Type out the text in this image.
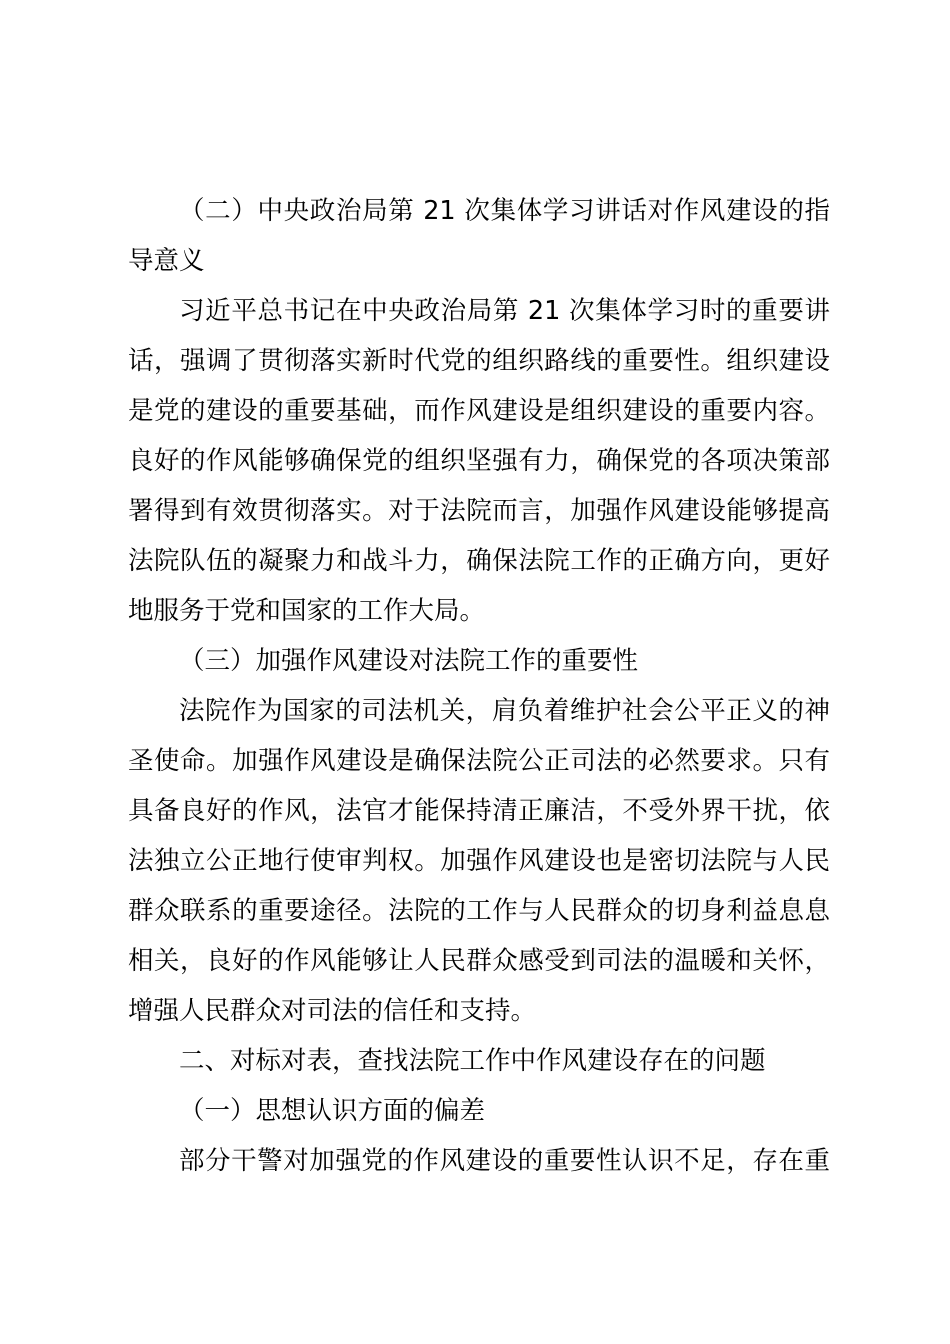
（二）中央政治局第 21 次集体学习讲话对作风建设的指
导意义
习近平总书记在中央政治局第 21 次集体学习时的重要讲
话，强调了贯彻落实新时代党的组织路线的重要性。组织建设
是党的建设的重要基础，而作风建设是组织建设的重要内容。
良好的作风能够确保党的组织坚强有力，确保党的各项决策部
署得到有效贯彻落实。对于法院而言，加强作风建设能够提高
法院队伍的凝聚力和战斗力，确保法院工作的正确方向，更好
地服务于党和国家的工作大局。
（三）加强作风建设对法院工作的重要性
法院作为国家的司法机关，肩负着维护社会公平正义的神
圣使命。加强作风建设是确保法院公正司法的必然要求。只有
具备良好的作风，法官才能保持清正廉洁，不受外界干扰，依
法独立公正地行使审判权。加强作风建设也是密切法院与人民
群众联系的重要途径。法院的工作与人民群众的切身利益息息
相关，良好的作风能够让人民群众感受到司法的温暖和关怀，
增强人民群众对司法的信任和支持。
二、对标对表，查找法院工作中作风建设存在的问题
（一）思想认识方面的偏差
部分干警对加强党的作风建设的重要性认识不足，存在重
